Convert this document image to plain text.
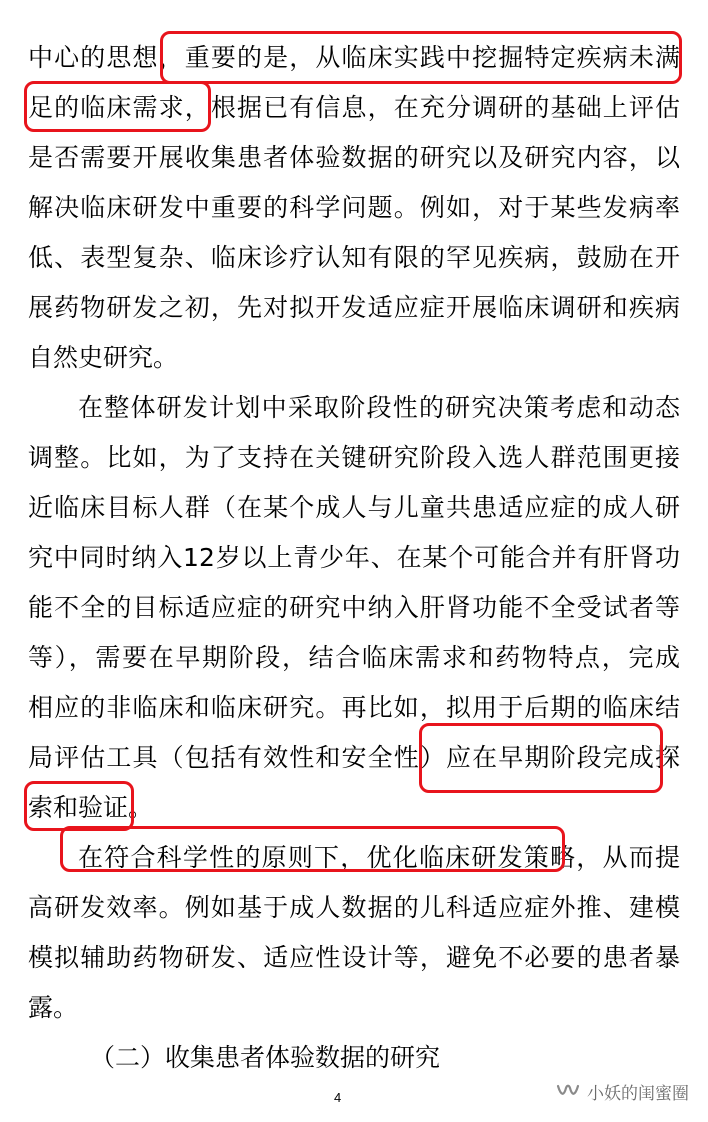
中心的思想，重要的是，从临床实践中挖掘特定疾病未满
足的临床需求，根据已有信息，在充分调研的基础上评估
是否需要开展收集患者体验数据的研究以及研究内容，以
解决临床研发中重要的科学问题。例如，对于某些发病率
低、表型复杂、临床诊疗认知有限的罕见疾病，鼓励在开
展药物研发之初，先对拟开发适应症开展临床调研和疾病
自然史研究。
在整体研发计划中采取阶段性的研究决策考虑和动态
调整。比如，为了支持在关键研究阶段入选人群范围更接
近临床目标人群（在某个成人与儿童共患适应症的成人研
究中同时纳入12岁以上青少年、在某个可能合并有肝肾功
能不全的目标适应症的研究中纳入肝肾功能不全受试者等
等），需要在早期阶段，结合临床需求和药物特点，完成
相应的非临床和临床研究。再比如，拟用于后期的临床结
局评估工具（包括有效性和安全性）应在早期阶段完成探
索和验证。
在符合科学性的原则下，优化临床研发策略，从而提
高研发效率。例如基于成人数据的儿科适应症外推、建模
模拟辅助药物研发、适应性设计等，避免不必要的患者暴
露。
（二）收集患者体验数据的研究
4	小妖的闺蜜圈
